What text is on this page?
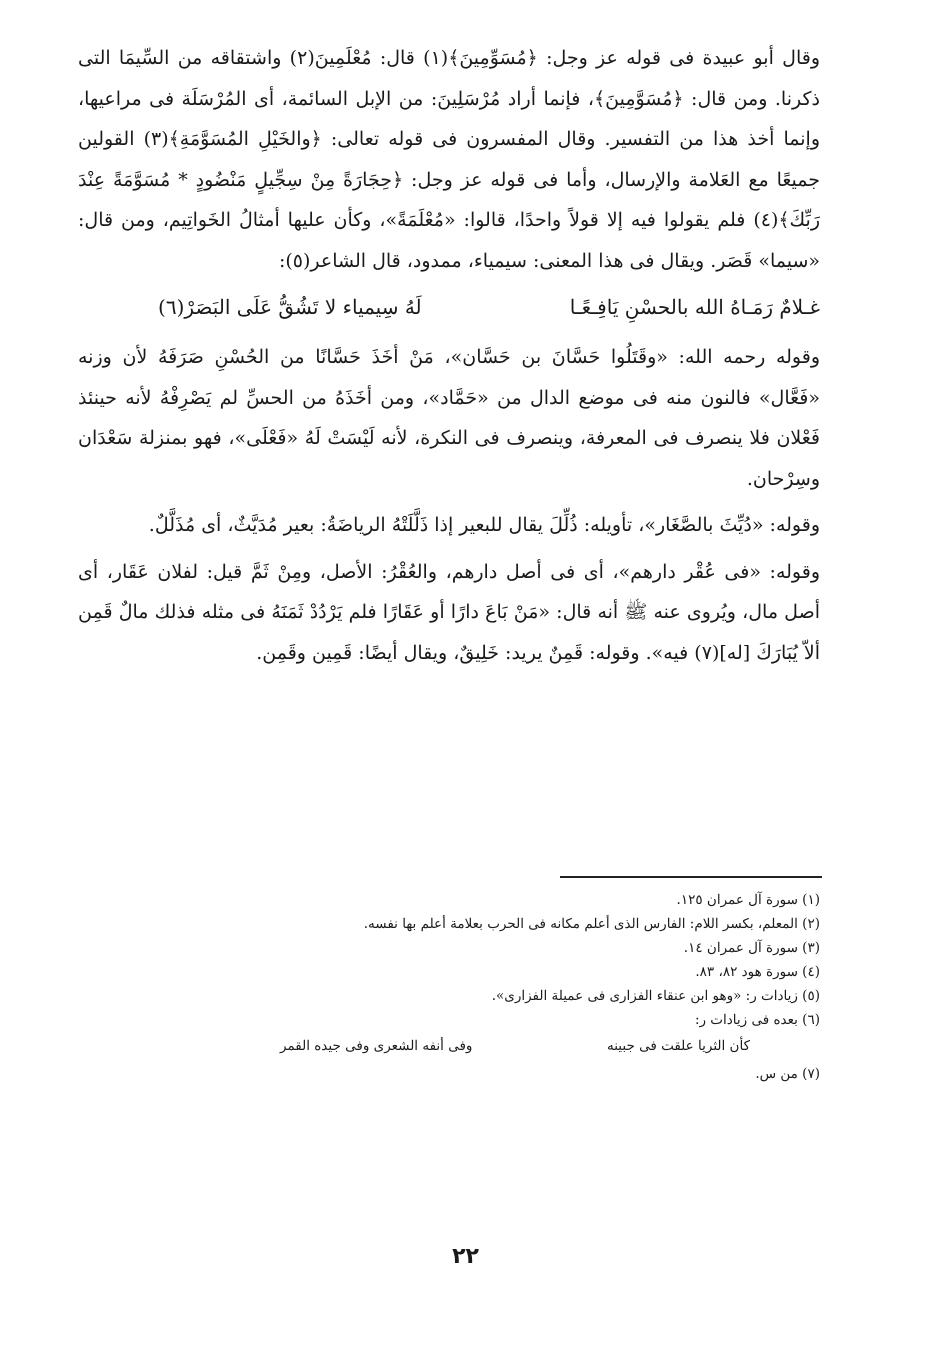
وقال أبو عبيدة فى قوله عز وجل: ﴿مُسَوِّمِينَ﴾(١) قال: مُعْلَمِينَ(٢) واشتقاقه من السِّيمَا التى ذكرنا. ومن قال: ﴿مُسَوَّمِينَ﴾، فإنما أراد مُرْسَلِينَ: من الإبل السائمة، أى المُرْسَلَة فى مراعيها، وإنما أخذ هذا من التفسير. وقال المفسرون فى قوله تعالى: ﴿والخَيْلِ المُسَوَّمَةِ﴾(٣) القولين جميعًا مع العَلامة والإرسال، وأما فى قوله عز وجل: ﴿حِجَارَةً مِنْ سِجِّيلٍ مَنْضُودٍ * مُسَوَّمَةً عِنْدَ رَبِّكَ﴾(٤) فلم يقولوا فيه إلا قولاً واحدًا، قالوا: «مُعْلَمَةً»، وكأن عليها أمثالُ الخَواتِيم، ومن قال: «سيما» قَصَر. ويقال فى هذا المعنى: سيمياء، ممدود، قال الشاعر(٥):

غـلامٌ رَمَـاهُ الله بالحسْنِ يَافِـعًـا
لَهُ سِيمياء لا تَشُقُّ عَلَى البَصَرْ(٦)

وقوله رحمه الله: «وقَتَلُوا حَسَّانَ بن حَسَّان»، مَنْ أخَذَ حَسَّانًا من الحُسْنِ صَرَفَهُ لأن وزنه «فَعَّال» فالنون منه فى موضع الدال من «حَمَّاد»، ومن أخَذَهُ من الحسِّ لم يَصْرِفْهُ لأنه حينئذ فَعْلان فلا ينصرف فى المعرفة، وينصرف فى النكرة، لأنه لَيْسَتْ لَهُ «فَعْلَى»، فهو بمنزلة سَعْدَان وسِرْحان.

وقوله: «دُيِّثَ بالصَّغَار»، تأويله: ذُلِّلَ يقال للبعير إذا ذَلَّلَتْهُ الرياضَةُ: بعير مُدَيَّثٌ، أى مُذَلَّلٌ.

وقوله: «فى عُقْر دارهم»، أى فى أصل دارهم، والعُقْرُ: الأصل، ومِنْ ثَمَّ قيل: لفلان عَقَار، أى أصل مال، ويُروى عنه ﷺ أنه قال: «مَنْ بَاعَ دارًا أو عَقَارًا فلم يَرْدُدْ ثَمَنَهُ فى مثله فذلك مالٌ قَمِن ألاّ يُبَارَكَ [له](٧) فيه». وقوله: قَمِنٌ يريد: خَلِيقٌ، ويقال أيضًا: قَمِين وقَمِن.

(١) سورة آل عمران ١٢٥.

(٢) المعلم، بكسر اللام: الفارس الذى أعلم مكانه فى الحرب بعلامة أعلم بها نفسه.

(٣) سورة آل عمران ١٤.

(٤) سورة هود ٨٢، ٨٣.

(٥) زيادات ر: «وهو ابن عنقاء الفزارى فى عميلة الفزارى».

(٦) بعده فى زيادات ر:

كأن الثريا علقت فى جبينه
وفى أنفه الشعرى وفى جيده القمر

(٧) من س.

٢٢
